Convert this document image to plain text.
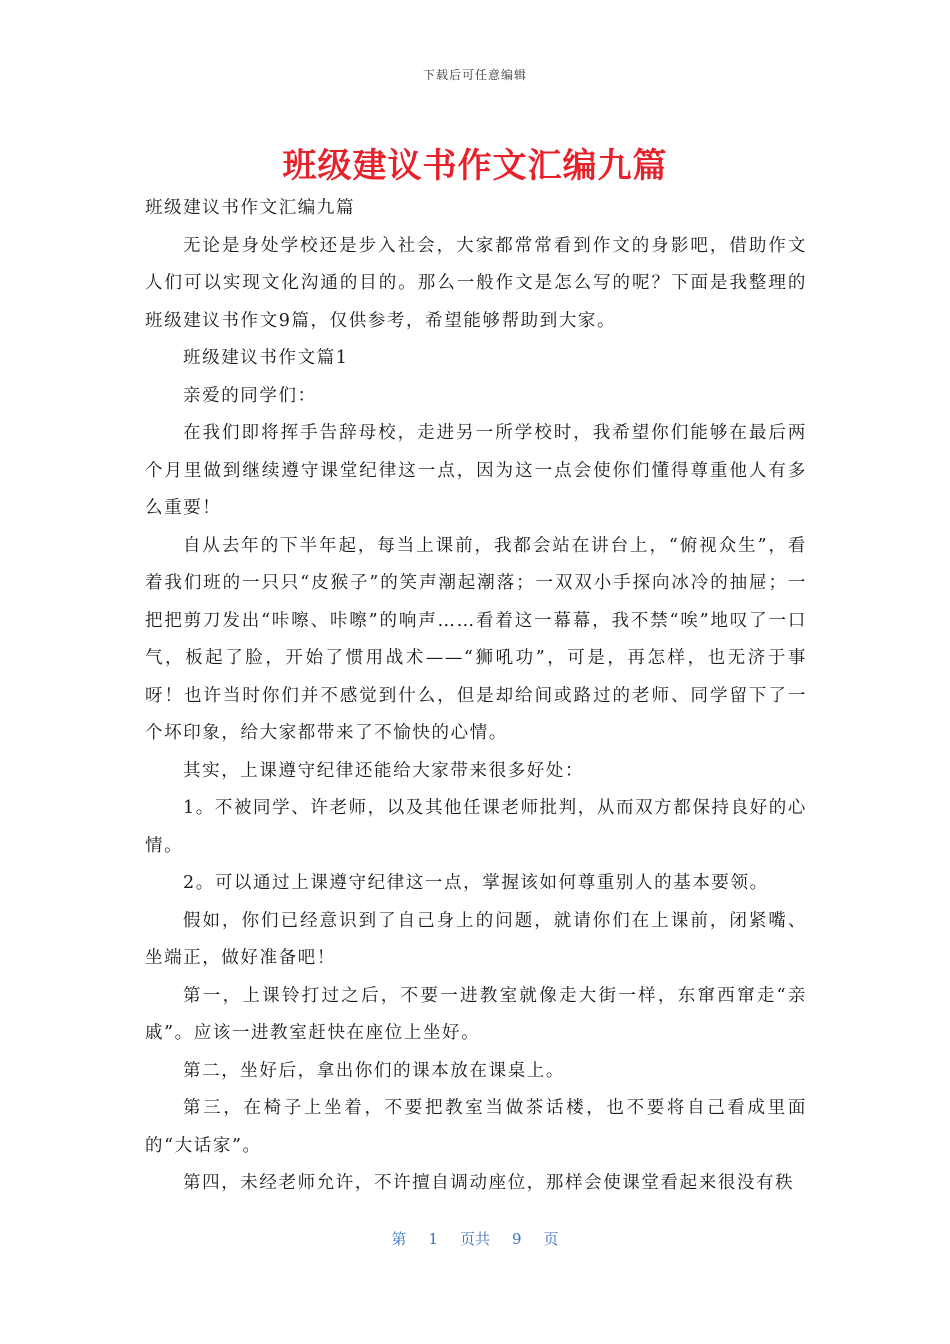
下载后可任意编辑
班级建议书作文汇编九篇

班级建议书作文汇编九篇

无论是身处学校还是步入社会，大家都常常看到作文的身影吧，借助作文人们可以实现文化沟通的目的。那么一般作文是怎么写的呢？下面是我整理的班级建议书作文9篇，仅供参考，希望能够帮助到大家。

班级建议书作文篇1

亲爱的同学们：

在我们即将挥手告辞母校，走进另一所学校时，我希望你们能够在最后两个月里做到继续遵守课堂纪律这一点，因为这一点会使你们懂得尊重他人有多么重要！

自从去年的下半年起，每当上课前，我都会站在讲台上，“俯视众生”，看着我们班的一只只“皮猴子”的笑声潮起潮落；一双双小手探向冰冷的抽屉；一把把剪刀发出“咔嚓、咔嚓”的响声……看着这一幕幕，我不禁“唉”地叹了一口气，板起了脸，开始了惯用战术——“狮吼功”，可是，再怎样，也无济于事呀！也许当时你们并不感觉到什么，但是却给间或路过的老师、同学留下了一个坏印象，给大家都带来了不愉快的心情。

其实，上课遵守纪律还能给大家带来很多好处：

1。不被同学、许老师，以及其他任课老师批判，从而双方都保持良好的心情。

2。可以通过上课遵守纪律这一点，掌握该如何尊重别人的基本要领。

假如，你们已经意识到了自己身上的问题，就请你们在上课前，闭紧嘴、坐端正，做好准备吧！

第一，上课铃打过之后，不要一进教室就像走大街一样，东窜西窜走“亲戚”。应该一进教室赶快在座位上坐好。

第二，坐好后，拿出你们的课本放在课桌上。

第三，在椅子上坐着，不要把教室当做茶话楼，也不要将自己看成里面的“大话家”。

第四，未经老师允许，不许擅自调动座位，那样会使课堂看起来很没有秩

第 1 页共 9 页
